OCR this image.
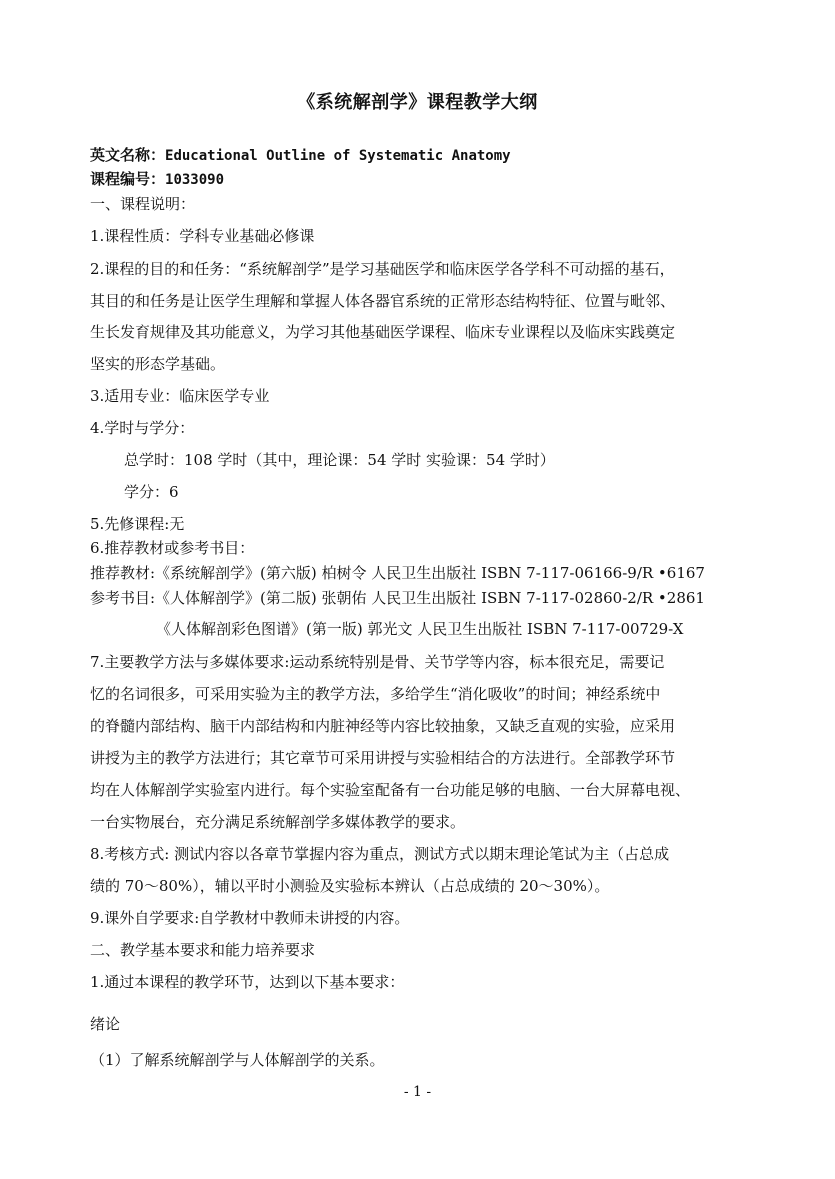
《系统解剖学》课程教学大纲
英文名称：Educational Outline of Systematic Anatomy
课程编号：1033090
一、课程说明：
1.课程性质：学科专业基础必修课
2.课程的目的和任务：“系统解剖学”是学习基础医学和临床医学各学科不可动摇的基石，
其目的和任务是让医学生理解和掌握人体各器官系统的正常形态结构特征、位置与毗邻、
生长发育规律及其功能意义，为学习其他基础医学课程、临床专业课程以及临床实践奠定
坚实的形态学基础。
3.适用专业：临床医学专业
4.学时与学分：
总学时：108 学时（其中，理论课：54 学时 实验课：54 学时）
学分：6
5.先修课程:无
6.推荐教材或参考书目：
推荐教材:《系统解剖学》(第六版) 柏树令 人民卫生出版社 ISBN 7-117-06166-9/R •6167
参考书目:《人体解剖学》(第二版) 张朝佑 人民卫生出版社 ISBN 7-117-02860-2/R •2861
《人体解剖彩色图谱》(第一版) 郭光文 人民卫生出版社 ISBN 7-117-00729-X
7.主要教学方法与多媒体要求:运动系统特别是骨、关节学等内容，标本很充足，需要记
忆的名词很多，可采用实验为主的教学方法，多给学生“消化吸收”的时间；神经系统中
的脊髓内部结构、脑干内部结构和内脏神经等内容比较抽象，又缺乏直观的实验，应采用
讲授为主的教学方法进行；其它章节可采用讲授与实验相结合的方法进行。全部教学环节
均在人体解剖学实验室内进行。每个实验室配备有一台功能足够的电脑、一台大屏幕电视、
一台实物展台，充分满足系统解剖学多媒体教学的要求。
8.考核方式: 测试内容以各章节掌握内容为重点，测试方式以期末理论笔试为主（占总成
绩的 70～80%），辅以平时小测验及实验标本辨认（占总成绩的 20～30%）。
9.课外自学要求:自学教材中教师未讲授的内容。
二、教学基本要求和能力培养要求
1.通过本课程的教学环节，达到以下基本要求：
绪论
（1）了解系统解剖学与人体解剖学的关系。
- 1 -
